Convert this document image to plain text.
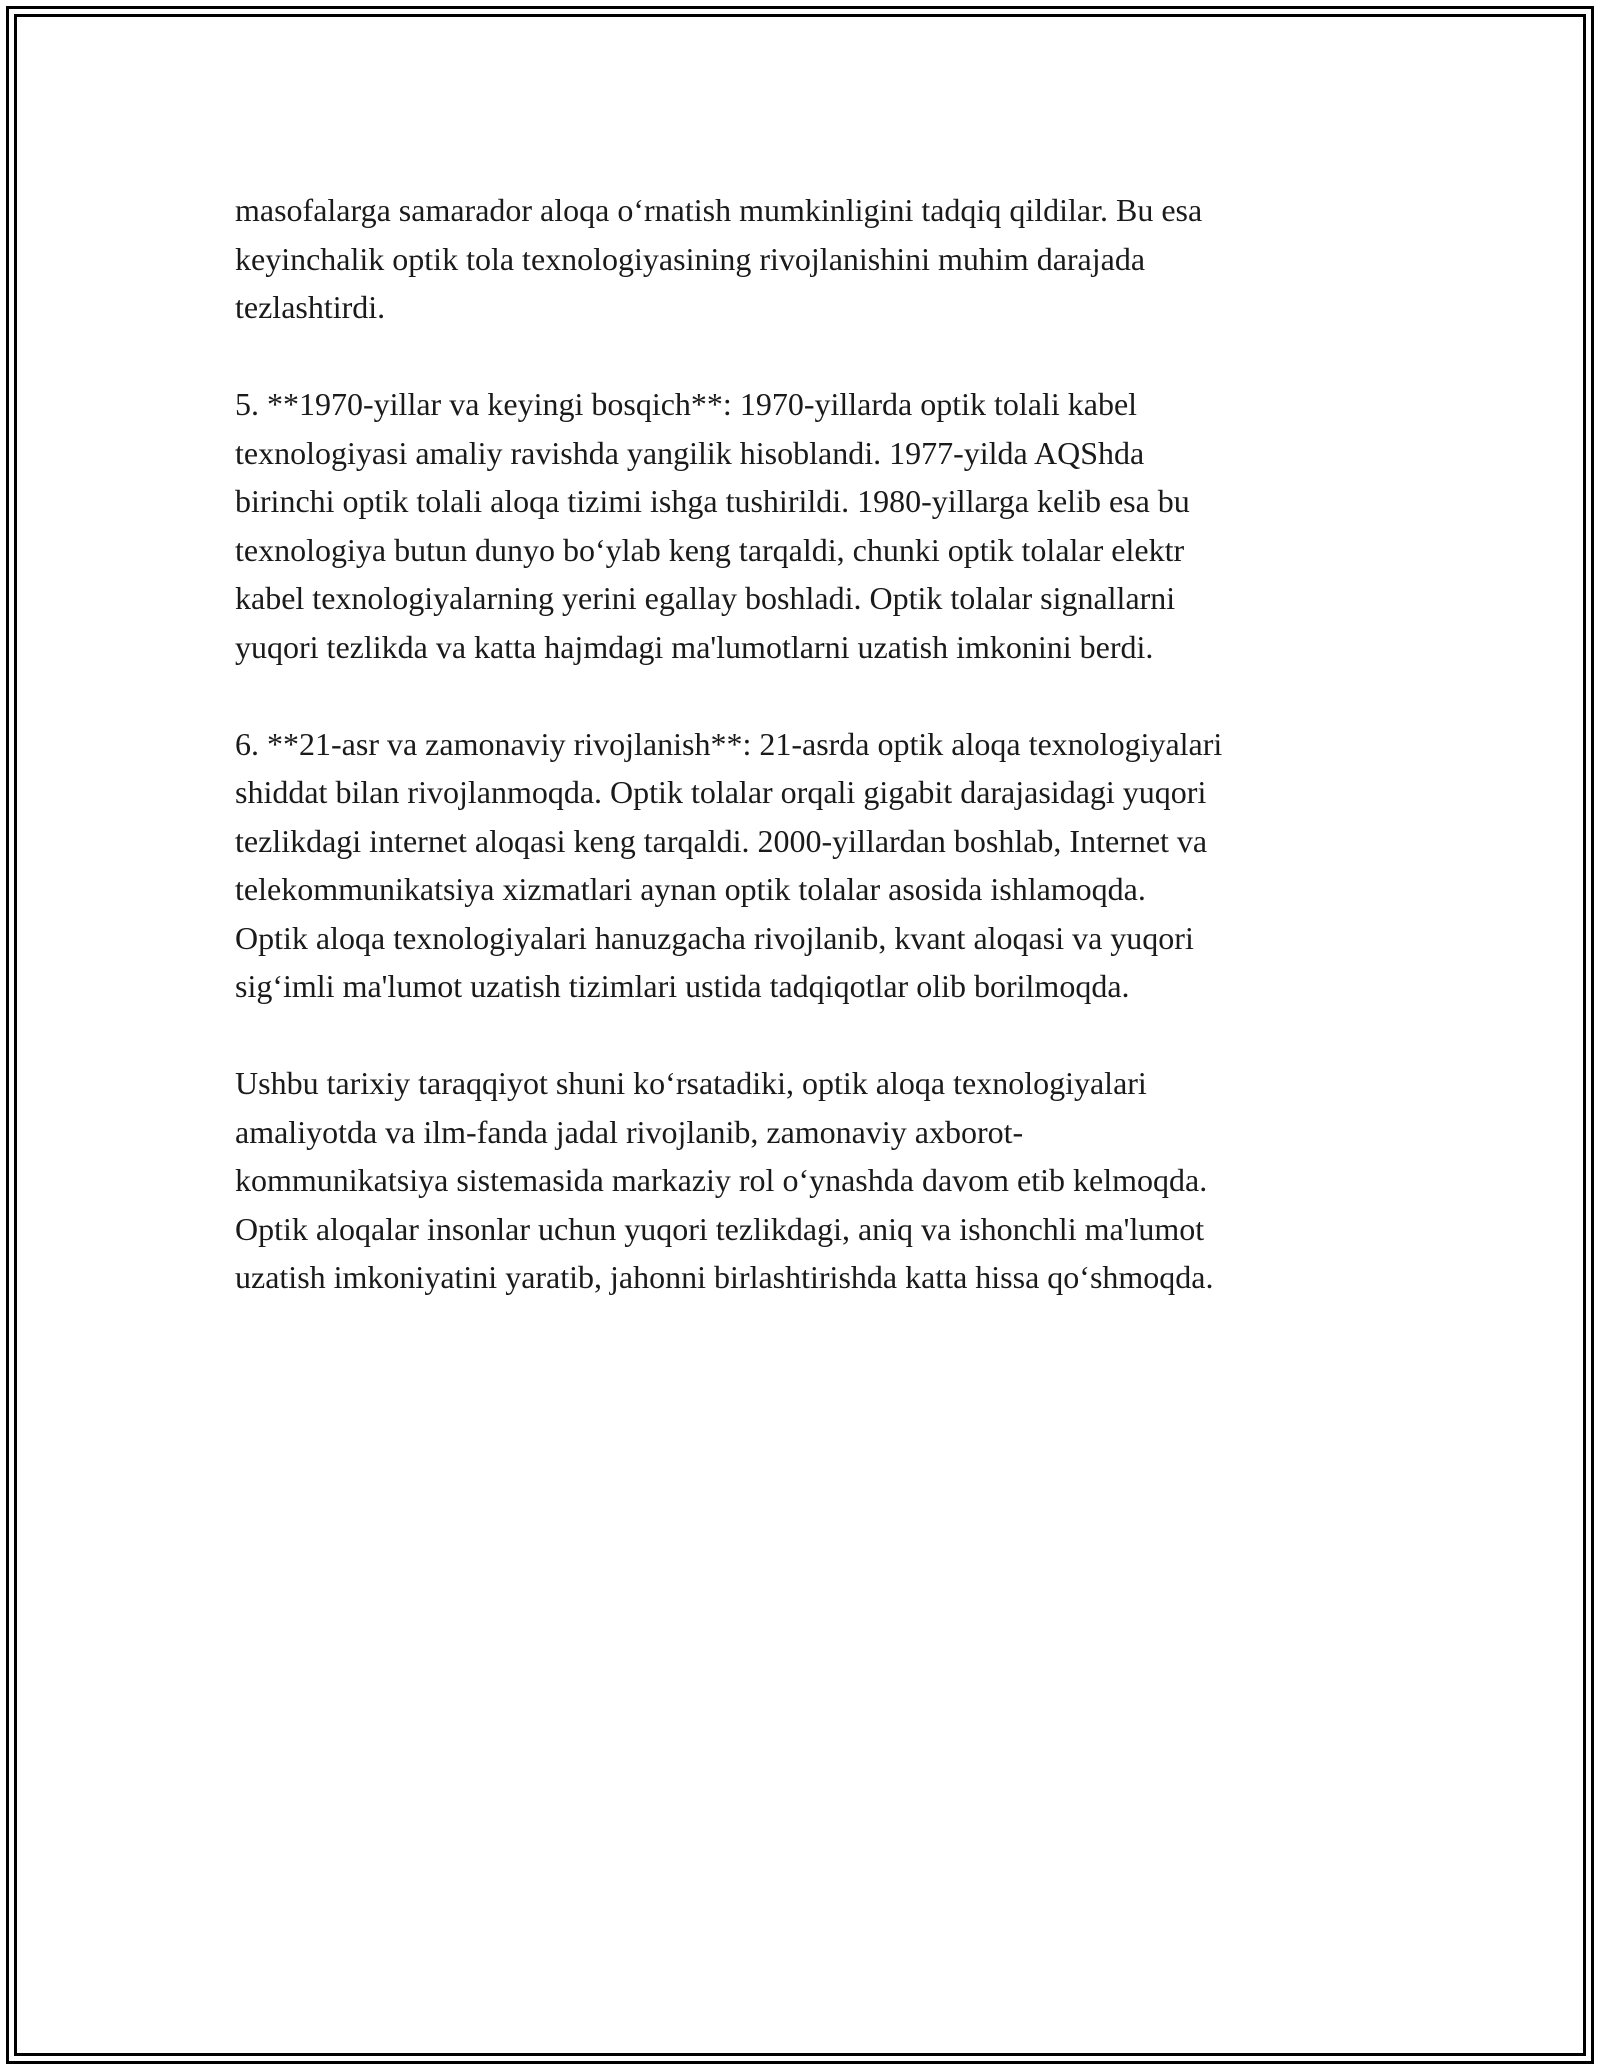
masofalarga samarador aloqa o‘rnatish mumkinligini tadqiq qildilar. Bu esa
keyinchalik optik tola texnologiyasining rivojlanishini muhim darajada
tezlashtirdi.

5. **1970-yillar va keyingi bosqich**: 1970-yillarda optik tolali kabel
texnologiyasi amaliy ravishda yangilik hisoblandi. 1977-yilda AQShda
birinchi optik tolali aloqa tizimi ishga tushirildi. 1980-yillarga kelib esa bu
texnologiya butun dunyo bo‘ylab keng tarqaldi, chunki optik tolalar elektr
kabel texnologiyalarning yerini egallay boshladi. Optik tolalar signallarni
yuqori tezlikda va katta hajmdagi ma'lumotlarni uzatish imkonini berdi.

6. **21-asr va zamonaviy rivojlanish**: 21-asrda optik aloqa texnologiyalari
shiddat bilan rivojlanmoqda. Optik tolalar orqali gigabit darajasidagi yuqori
tezlikdagi internet aloqasi keng tarqaldi. 2000-yillardan boshlab, Internet va
telekommunikatsiya xizmatlari aynan optik tolalar asosida ishlamoqda.
Optik aloqa texnologiyalari hanuzgacha rivojlanib, kvant aloqasi va yuqori
sig‘imli ma'lumot uzatish tizimlari ustida tadqiqotlar olib borilmoqda.

Ushbu tarixiy taraqqiyot shuni ko‘rsatadiki, optik aloqa texnologiyalari
amaliyotda va ilm-fanda jadal rivojlanib, zamonaviy axborot-
kommunikatsiya sistemasida markaziy rol o‘ynashda davom etib kelmoqda.
Optik aloqalar insonlar uchun yuqori tezlikdagi, aniq va ishonchli ma'lumot
uzatish imkoniyatini yaratib, jahonni birlashtirishda katta hissa qo‘shmoqda.
